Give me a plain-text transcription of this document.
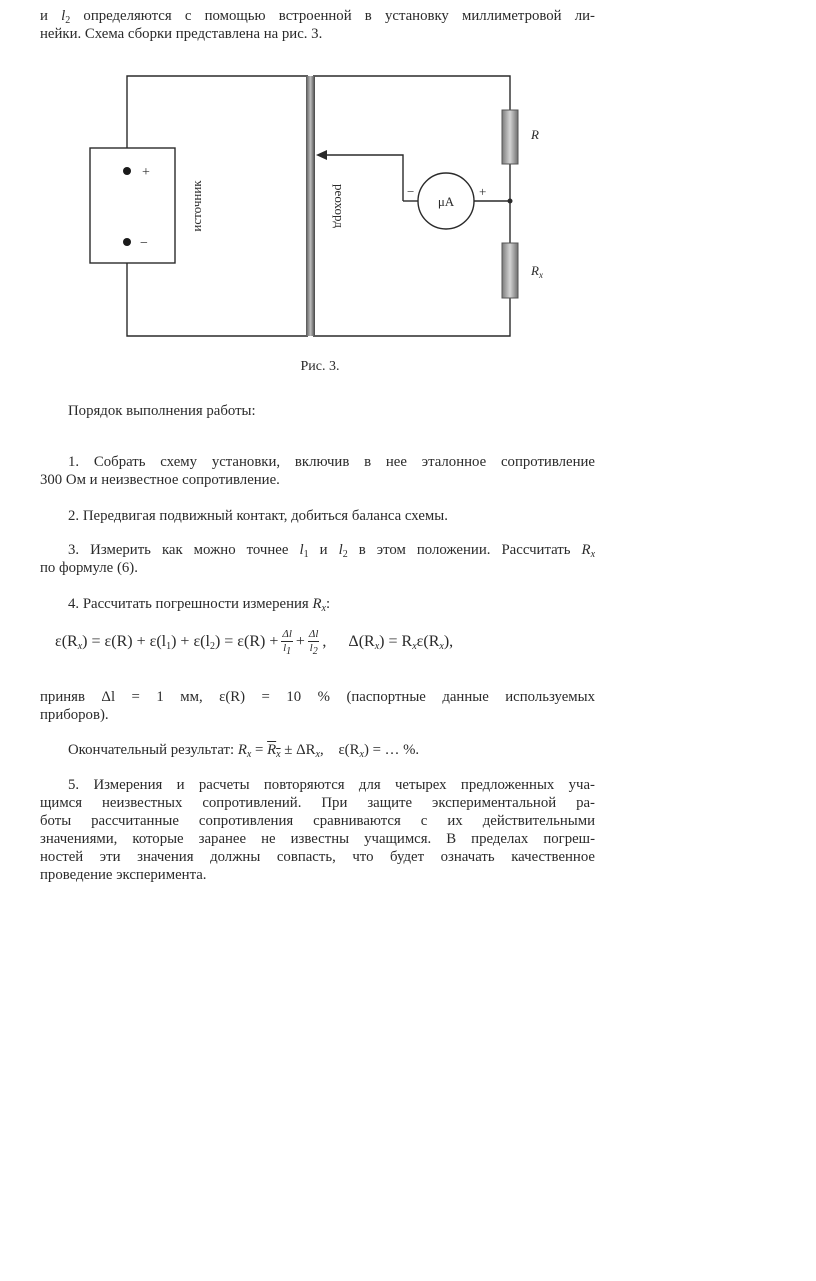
и $l_2$ определяются с помощью встроенной в установку миллиметровой ли-

нейки. Схема сборки представлена на рис. 3.

+
−
источник	реохорд	μA
−	+
R
$R_x$
Рис. 3.

Порядок выполнения работы:

1. Собрать схему установки, включив в нее эталонное сопротивление

300 Ом и неизвестное сопротивление.

2. Передвигая подвижный контакт, добиться баланса схемы.

3. Измерить как можно точнее $l_1$ и $l_2$ в этом положении. Рассчитать $R_x$

по формуле (6).

4. Рассчитать погрешности измерения $R_x$:

$\varepsilon(R_x) = \varepsilon(R) + \varepsilon(l_1) + \varepsilon(l_2) = \varepsilon(R) + \frac{\Delta l}{l_1} + \frac{\Delta l}{l_2}$ , $\Delta(R_x) = R_x\varepsilon(R_x)$,

приняв Δl = 1 мм, ε(R) = 10 % (паспортные данные используемых

приборов).

Окончательный результат: $R_x = R_x \pm \Delta R_x$, $\varepsilon(R_x)$ = … %.

5. Измерения и расчеты повторяются для четырех предложенных уча-

щимся неизвестных сопротивлений. При защите экспериментальной ра-

боты рассчитанные сопротивления сравниваются с их действительными

значениями, которые заранее не известны учащимся. В пределах погреш-

ностей эти значения должны совпасть, что будет означать качественное

проведение эксперимента.
